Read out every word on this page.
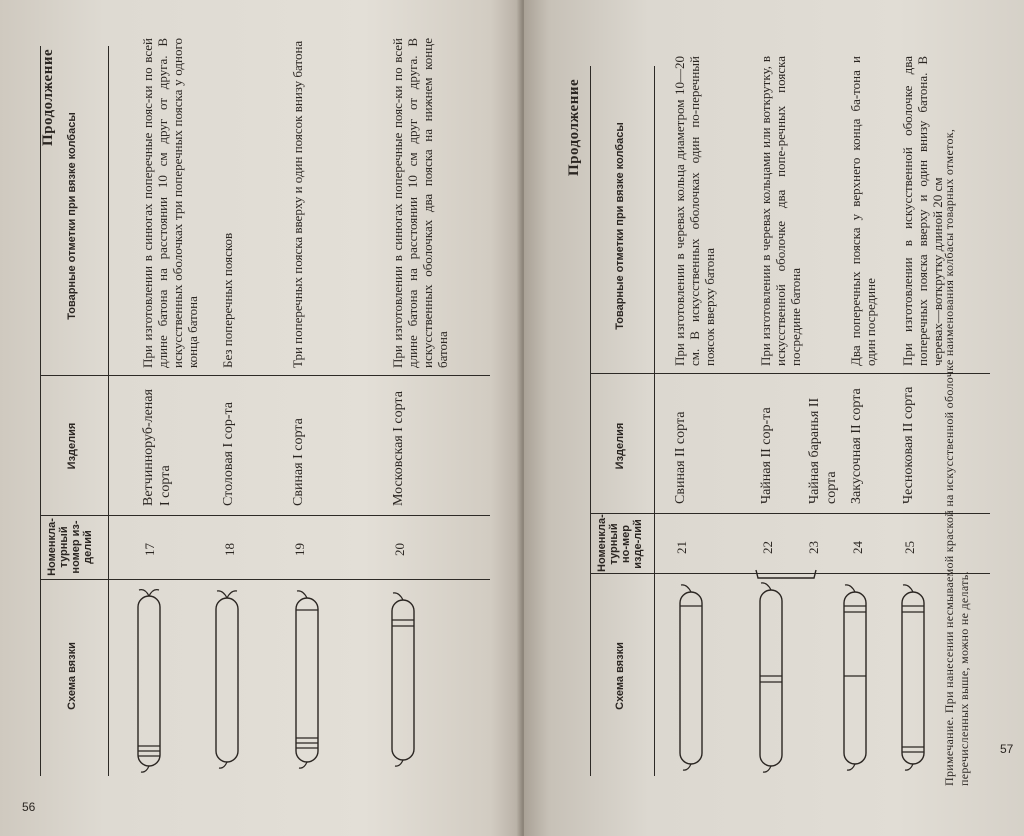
Продолжение
Схема вязки
Номенкла-турный номер из-делий
Изделия
Товарные отметки при вязке колбасы
17
Ветчинноруб-леная I сорта
При изготовлении в синюгах поперечные пояс-ки по всей длине батона на расстоянии 10 см друг от друга. В искусственных оболочках три поперечных пояска у одного конца батона
18
Столовая I сор-та
Без поперечных поясков
19
Свиная I сорта
Три поперечных пояска вверху и один поясок внизу батона
20
Московская I сорта
При изготовлении в синюгах поперечные пояс-ки по всей длине батона на расстоянии 10 см друг от друга. В искусственных оболочках два пояска на нижнем конце батона
56
Продолжение
Схема вязки
Номенкла-турный но-мер изде-лий
Изделия
Товарные отметки при вязке колбасы
21
Свиная II сорта
При изготовлении в черевах кольца диаметром 10—20 см. В искусственных оболочках один по-перечный поясок вверху батона
22
Чайная II сор-та
При изготовлении в черевах кольцами или воткрутку, в искусственной оболочке два попе-речных пояска посредине батона
23
Чайная баранья II сорта
24
Закусочная II сорта
Два поперечных пояска у верхнего конца ба-тона и один посредине
25
Чесноковая II сорта
При изготовлении в искусственной оболочке два поперечных пояска вверху и один внизу батона. В черевах—воткрутку длиной 20 см
Примечание. При нанесении несмываемой краской на искусственной оболочке наименования колбасы товарных отметок, перечисленных выше, можно не делать. 57
